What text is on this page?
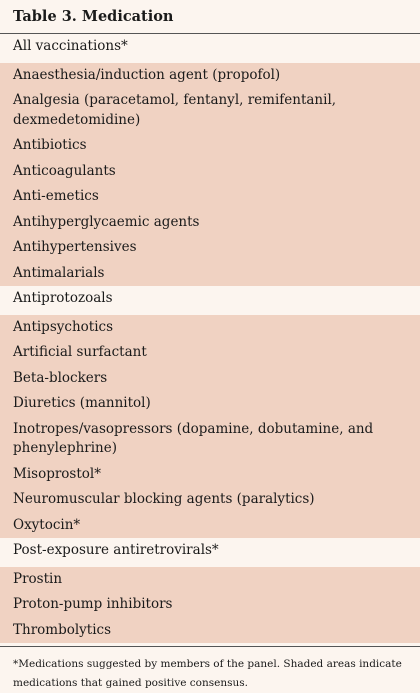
Table 3. Medication
All vaccinations*
Anaesthesia/induction agent (propofol)
Analgesia (paracetamol, fentanyl, remifentanil, dexmedetomidine)
Antibiotics
Anticoagulants
Anti-emetics
Antihyperglycaemic agents
Antihypertensives
Antimalarials
Antiprotozoals
Antipsychotics
Artificial surfactant
Beta-blockers
Diuretics (mannitol)
Inotropes/vasopressors (dopamine, dobutamine, and phenylephrine)
Misoprostol*
Neuromuscular blocking agents (paralytics)
Oxytocin*
Post-exposure antiretrovirals*
Prostin
Proton-pump inhibitors
Thrombolytics
*Medications suggested by members of the panel. Shaded areas indicate medications that gained positive consensus.
